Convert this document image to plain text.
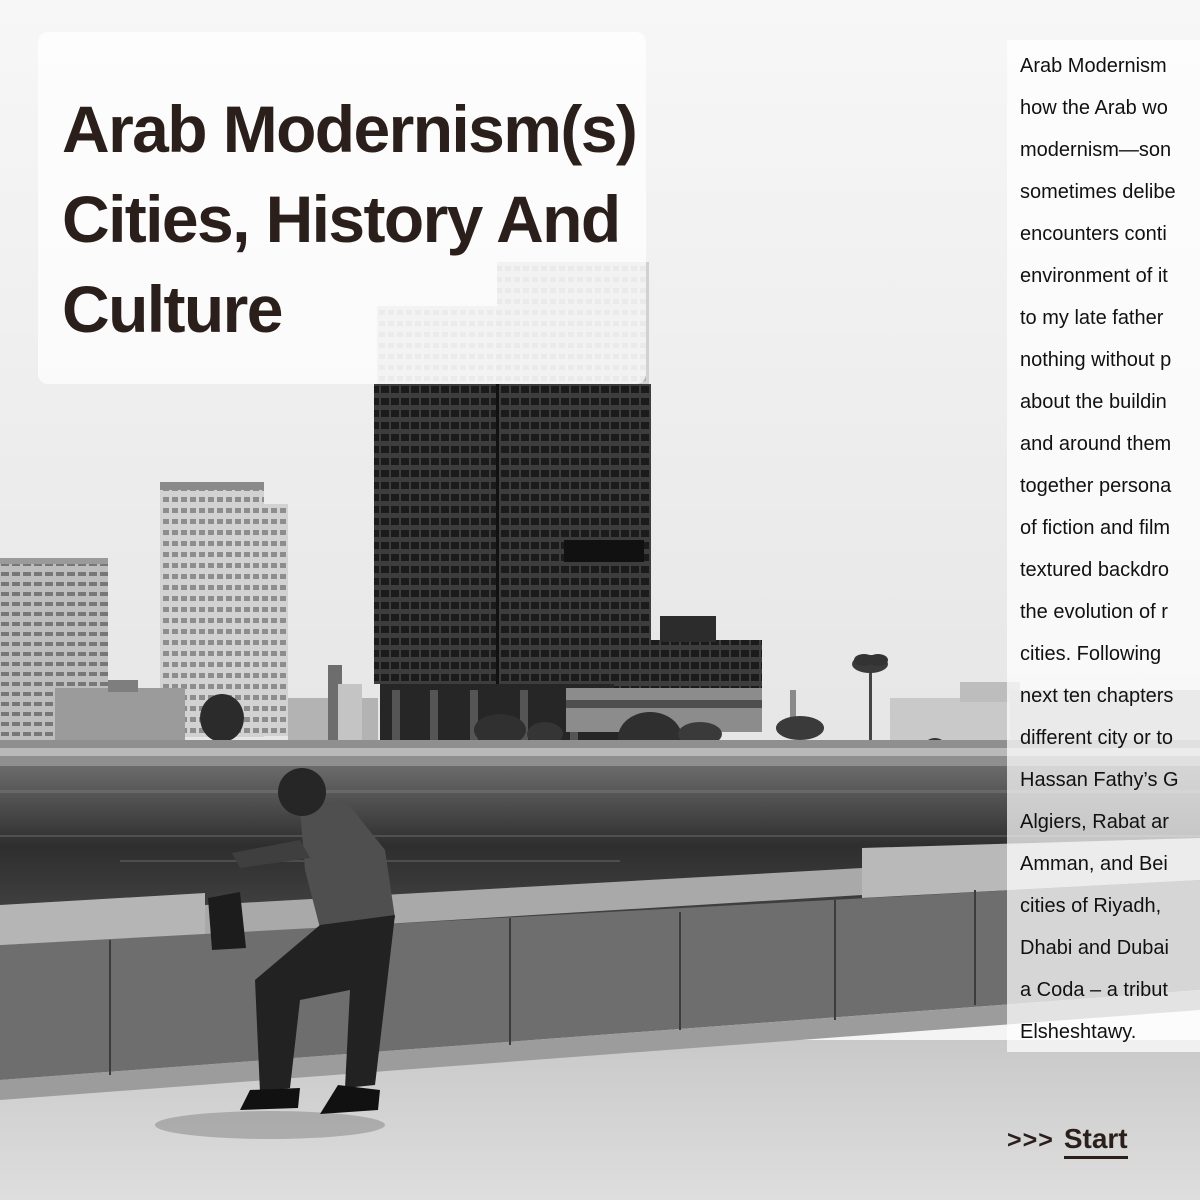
Arab Modernism(s)
Cities, History And
Culture
Arab Modernism
how the Arab wo
modernism—son
sometimes delibe
encounters conti
environment of it
to my late father
nothing without p
about the buildin
and around them
together persona
of fiction and film
textured backdro
the evolution of r
cities. Following
next ten chapters
different city or to
Hassan Fathy’s G
Algiers, Rabat ar
Amman, and Bei
cities of Riyadh,
Dhabi and Dubai
a Coda – a tribut
Elsheshtawy.
>>> Start
